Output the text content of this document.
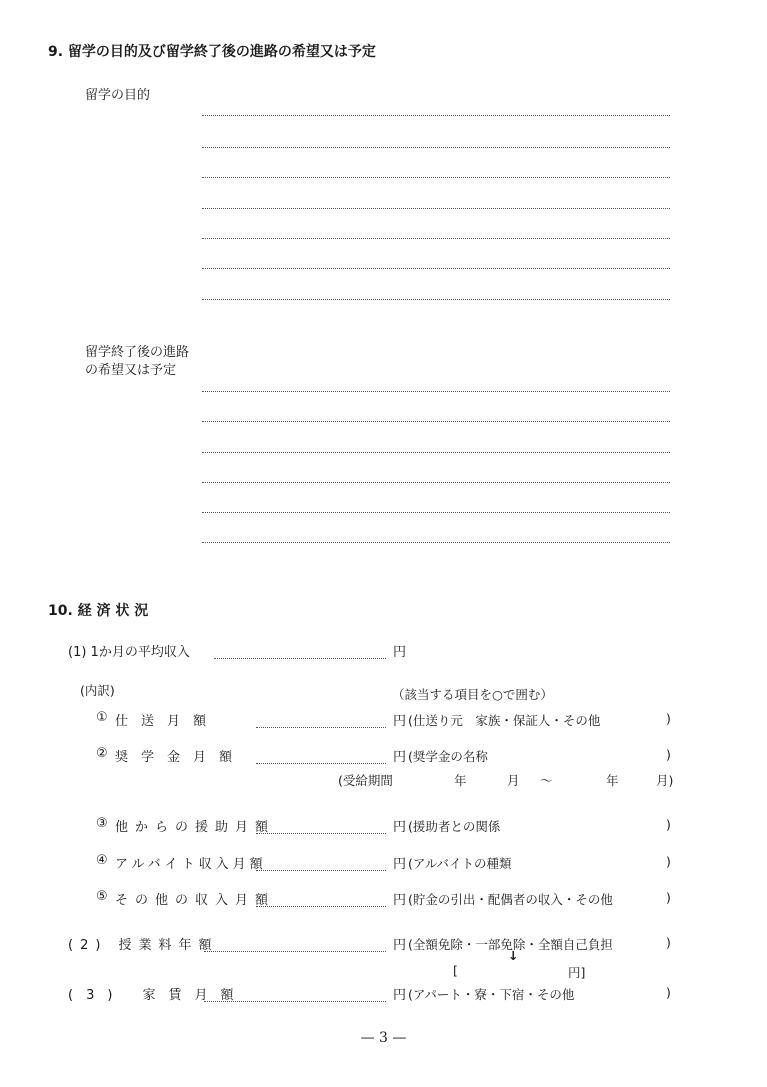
9. 留学の目的及び留学終了後の進路の希望又は予定
留学の目的
留学終了後の進路
の希望又は予定
10. 経 済 状 況
(1) 1か月の平均収入	円
(内訳)	（該当する項目を○で囲む）
① 仕送月額	円 (仕送り元　家族・保証人・その他	)
② 奨学金月額	円 (奨学金の名称	)
(受給期間	年	月 ～	年	月)
③ 他からの援助月額	円 (援助者との関係	)
④ アルバイト収入月額	円 (アルバイトの種類	)
⑤ その他の収入月額	円 (貯金の引出・配偶者の収入・その他	)
(2) 授業料年額	円 (全額免除・一部免除・全額自己負担	)
↓
[	円]
(3) 家賃月額	円 (アパート・寮・下宿・その他	)
— 3 —
